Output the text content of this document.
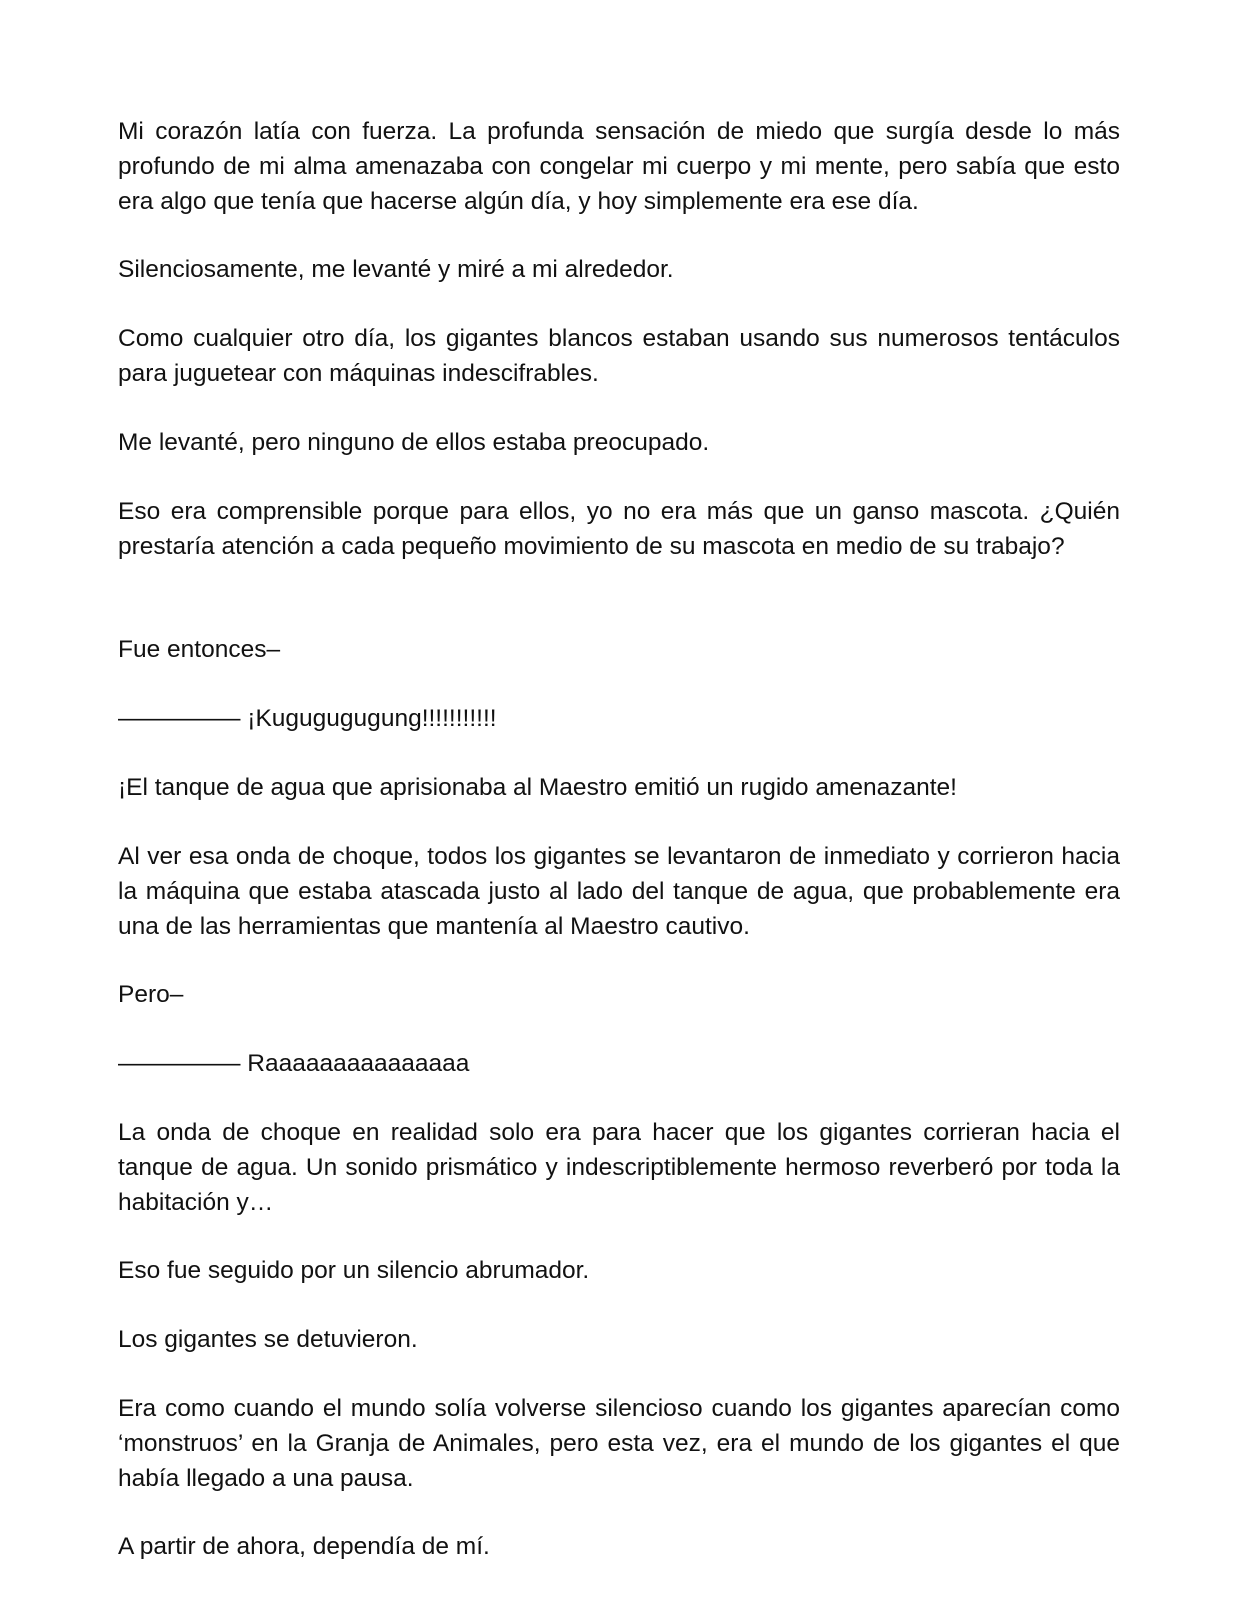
Mi corazón latía con fuerza. La profunda sensación de miedo que surgía desde lo más profundo de mi alma amenazaba con congelar mi cuerpo y mi mente, pero sabía que esto era algo que tenía que hacerse algún día, y hoy simplemente era ese día.

Silenciosamente, me levanté y miré a mi alrededor.

Como cualquier otro día, los gigantes blancos estaban usando sus numerosos tentáculos para juguetear con máquinas indescifrables.

Me levanté, pero ninguno de ellos estaba preocupado.

Eso era comprensible porque para ellos, yo no era más que un ganso mascota. ¿Quién prestaría atención a cada pequeño movimiento de su mascota en medio de su trabajo?

Fue entonces–

————— ¡Kugugugugung!!!!!!!!!!!

¡El tanque de agua que aprisionaba al Maestro emitió un rugido amenazante!

Al ver esa onda de choque, todos los gigantes se levantaron de inmediato y corrieron hacia la máquina que estaba atascada justo al lado del tanque de agua, que probablemente era una de las herramientas que mantenía al Maestro cautivo.

Pero–

————— Raaaaaaaaaaaaaaa

La onda de choque en realidad solo era para hacer que los gigantes corrieran hacia el tanque de agua. Un sonido prismático y indescriptiblemente hermoso reverberó por toda la habitación y…

Eso fue seguido por un silencio abrumador.

Los gigantes se detuvieron.

Era como cuando el mundo solía volverse silencioso cuando los gigantes aparecían como ‘monstruos’ en la Granja de Animales, pero esta vez, era el mundo de los gigantes el que había llegado a una pausa.

A partir de ahora, dependía de mí.
